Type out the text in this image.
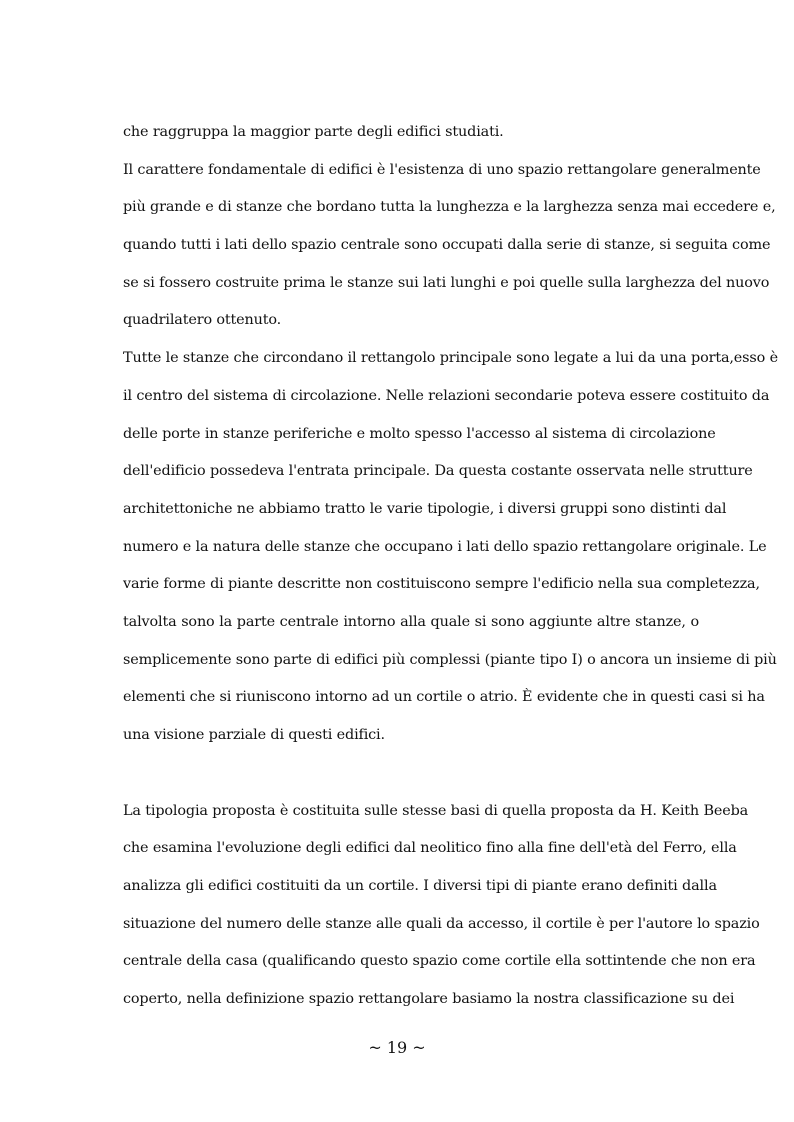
che raggruppa la maggior parte degli edifici studiati.

Il carattere fondamentale di edifici è l'esistenza di uno spazio rettangolare generalmente
più grande e di stanze che bordano tutta la lunghezza e la larghezza senza mai eccedere e,
quando tutti i lati dello spazio centrale sono occupati dalla serie di stanze, si seguita come
se si fossero costruite prima le stanze sui lati lunghi e poi quelle sulla larghezza del nuovo
quadrilatero ottenuto.

Tutte le stanze che circondano il rettangolo principale sono legate a lui da una porta,esso è
il centro del sistema di circolazione. Nelle relazioni secondarie poteva essere costituito da
delle porte in stanze periferiche e molto spesso l'accesso al sistema di circolazione
dell'edificio possedeva l'entrata principale. Da questa costante osservata nelle strutture
architettoniche ne abbiamo tratto le varie tipologie, i diversi gruppi sono distinti dal
numero e la natura delle stanze che occupano i lati dello spazio rettangolare originale. Le
varie forme di piante descritte non costituiscono sempre l'edificio nella sua completezza,
talvolta sono la parte centrale intorno alla quale si sono aggiunte altre stanze, o
semplicemente sono parte di edifici più complessi (piante tipo I) o ancora un insieme di più
elementi che si riuniscono intorno ad un cortile o atrio. È evidente che in questi casi si ha
una visione parziale di questi edifici.

La tipologia proposta è costituita sulle stesse basi di quella proposta da H. Keith Beeba
che esamina l'evoluzione degli edifici dal neolitico fino alla fine dell'età del Ferro, ella
analizza gli edifici costituiti da un cortile. I diversi tipi di piante erano definiti dalla
situazione del numero delle stanze alle quali da accesso, il cortile è per l'autore lo spazio
centrale della casa (qualificando questo spazio come cortile ella sottintende che non era
coperto, nella definizione spazio rettangolare basiamo la nostra classificazione su dei

~ 19 ~
